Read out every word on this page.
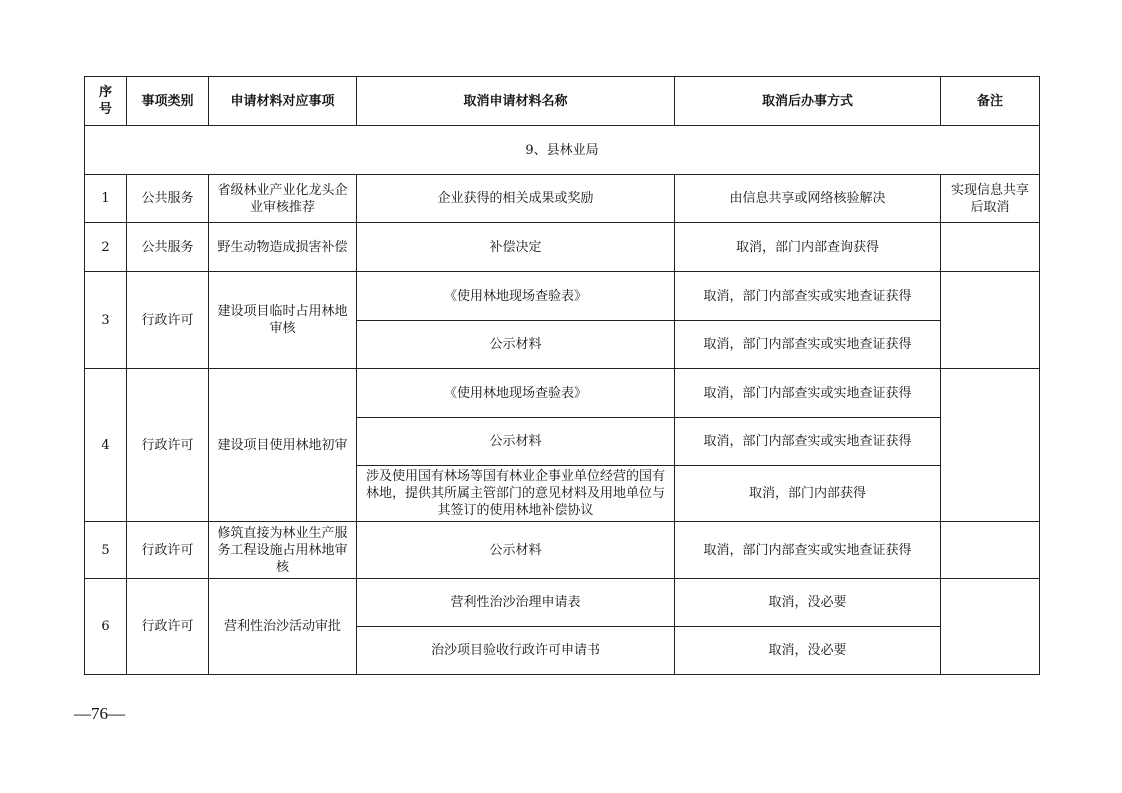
序号	事项类别	申请材料对应事项	取消申请材料名称	取消后办事方式	备注
9、县林业局					
1	公共服务	省级林业产业化龙头企业审核推荐	企业获得的相关成果或奖励	由信息共享或网络核验解决	实现信息共享后取消
2	公共服务	野生动物造成损害补偿	补偿决定	取消，部门内部查询获得	
3	行政许可	建设项目临时占用林地审核	《使用林地现场查验表》	取消，部门内部查实或实地查证获得	
			公示材料	取消，部门内部查实或实地查证获得	
4	行政许可	建设项目使用林地初审	《使用林地现场查验表》	取消，部门内部查实或实地查证获得	
			公示材料	取消，部门内部查实或实地查证获得	
			涉及使用国有林场等国有林业企事业单位经营的国有林地，提供其所属主管部门的意见材料及用地单位与其签订的使用林地补偿协议	取消，部门内部获得	
5	行政许可	修筑直接为林业生产服务工程设施占用林地审核	公示材料	取消，部门内部查实或实地查证获得	
6	行政许可	营利性治沙活动审批	营利性治沙治理申请表	取消，没必要	
			治沙项目验收行政许可申请书	取消，没必要	
—76—
